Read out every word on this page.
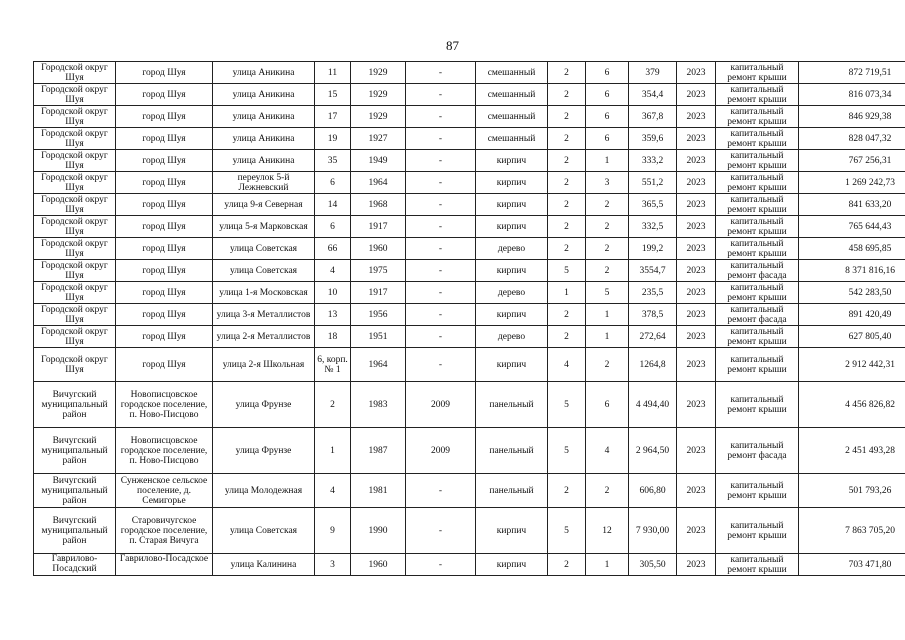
87
Городской округ Шуя	город Шуя	улица Аникина	11	1929	-	смешанный	2	6	379	2023	капитальный ремонт крыши	872 719,51
Городской округ Шуя	город Шуя	улица Аникина	15	1929	-	смешанный	2	6	354,4	2023	капитальный ремонт крыши	816 073,34
Городской округ Шуя	город Шуя	улица Аникина	17	1929	-	смешанный	2	6	367,8	2023	капитальный ремонт крыши	846 929,38
Городской округ Шуя	город Шуя	улица Аникина	19	1927	-	смешанный	2	6	359,6	2023	капитальный ремонт крыши	828 047,32
Городской округ Шуя	город Шуя	улица Аникина	35	1949	-	кирпич	2	1	333,2	2023	капитальный ремонт крыши	767 256,31
Городской округ Шуя	город Шуя	переулок 5-й Лежневский	6	1964	-	кирпич	2	3	551,2	2023	капитальный ремонт крыши	1 269 242,73
Городской округ Шуя	город Шуя	улица 9-я Северная	14	1968	-	кирпич	2	2	365,5	2023	капитальный ремонт крыши	841 633,20
Городской округ Шуя	город Шуя	улица 5-я Марковская	6	1917	-	кирпич	2	2	332,5	2023	капитальный ремонт крыши	765 644,43
Городской округ Шуя	город Шуя	улица Советская	66	1960	-	дерево	2	2	199,2	2023	капитальный ремонт крыши	458 695,85
Городской округ Шуя	город Шуя	улица Советская	4	1975	-	кирпич	5	2	3554,7	2023	капитальный ремонт фасада	8 371 816,16
Городской округ Шуя	город Шуя	улица 1-я Московская	10	1917	-	дерево	1	5	235,5	2023	капитальный ремонт крыши	542 283,50
Городской округ Шуя	город Шуя	улица 3-я Металлистов	13	1956	-	кирпич	2	1	378,5	2023	капитальный ремонт фасада	891 420,49
Городской округ Шуя	город Шуя	улица 2-я Металлистов	18	1951	-	дерево	2	1	272,64	2023	капитальный ремонт крыши	627 805,40
Городской округ Шуя	город Шуя	улица 2-я Школьная	6, корп. № 1	1964	-	кирпич	4	2	1264,8	2023	капитальный ремонт крыши	2 912 442,31
Вичугский муниципальный район	Новописцовское городское поселение, п. Ново-Писцово	улица Фрунзе	2	1983	2009	панельный	5	6	4 494,40	2023	капитальный ремонт крыши	4 456 826,82
Вичугский муниципальный район	Новописцовское городское поселение, п. Ново-Писцово	улица Фрунзе	1	1987	2009	панельный	5	4	2 964,50	2023	капитальный ремонт фасада	2 451 493,28
Вичугский муниципальный район	Сунженское сельское поселение, д. Семигорье	улица Молодежная	4	1981	-	панельный	2	2	606,80	2023	капитальный ремонт крыши	501 793,26
Вичугский муниципальный район	Старовичугское городское поселение, п. Старая Вичуга	улица Советская	9	1990	-	кирпич	5	12	7 930,00	2023	капитальный ремонт крыши	7 863 705,20
Гаврилово-Посадский	Гаврилово-Посадское	улица Калинина	3	1960	-	кирпич	2	1	305,50	2023	капитальный ремонт крыши	703 471,80
